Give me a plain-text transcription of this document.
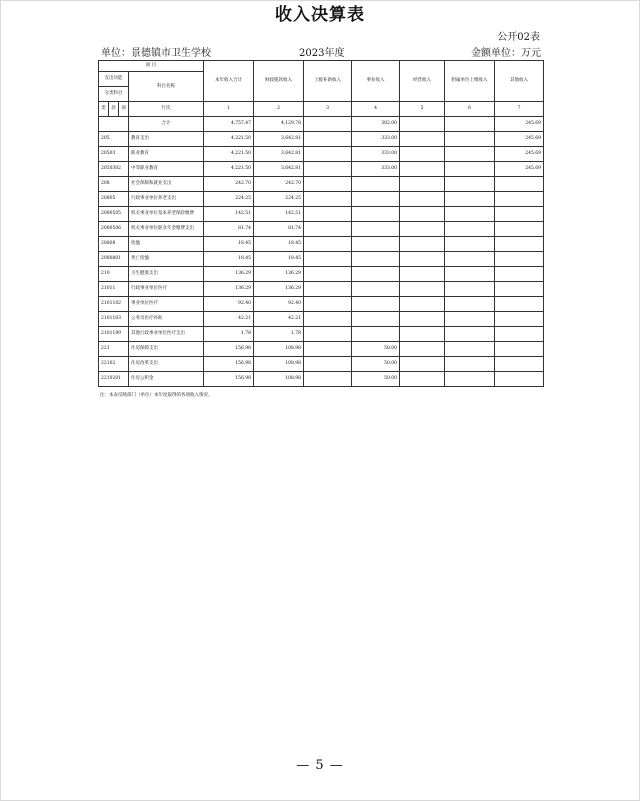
收入决算表
公开02表
单位：景德镇市卫生学校	2023年度	金额单位：万元
项 目				本年收入合计	财政拨款收入	上级补助收入	事业收入	经营收入	附属单位上缴收入	其他收入
支出功能			科目名称							
分类科目										
类	款	项	行次	1	2	3	4	5	6	7
			合计	4,757.47	4,129.78		382.00			245.69
205			教育支出	4,221.50	3,642.81		333.00			245.69
20503			职业教育	4,221.50	3,642.81		333.00			245.69
2050302			中等职业教育	4,221.50	3,642.81		333.00			245.69
208			社会保障和就业支出	242.70	242.70					
20805			行政事业单位养老支出	224.25	224.25					
2080505			机关事业单位基本养老保险缴费	142.51	142.51					
2080506			机关事业单位职业年金缴费支出	81.74	81.74					
20808			抚恤	18.45	18.45					
2080801			死亡抚恤	18.45	18.45					
210			卫生健康支出	136.29	136.29					
21011			行政事业单位医疗	136.29	136.29					
2101102			事业单位医疗	92.40	92.40					
2101103			公务员医疗补助	42.21	42.21					
2101199			其他行政事业单位医疗支出	1.78	1.78					
221			住房保障支出	156.98	108.98		50.00			
22102			住房改革支出	156.98	108.98		50.00			
2210201			住房公积金	156.98	108.98		50.00			
注：本表反映部门（单位）本年度取得的各项收入情况。
— 5 —
